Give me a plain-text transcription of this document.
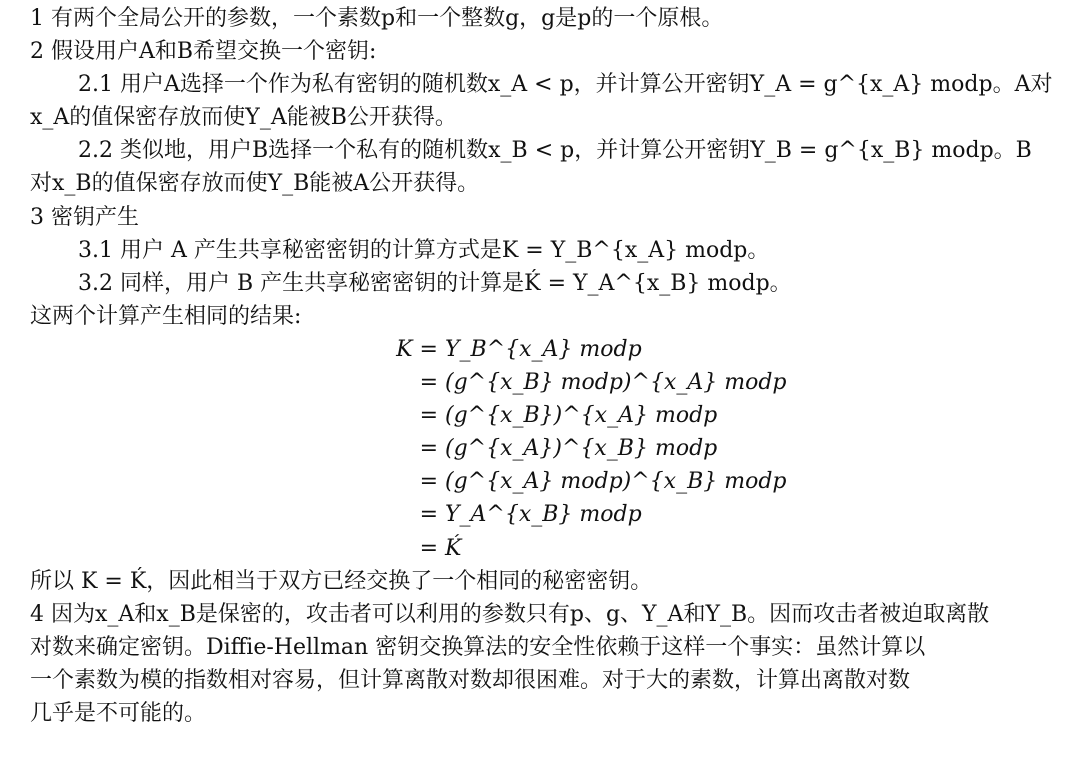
1 有两个全局公开的参数，一个素数p和一个整数g，g是p的一个原根。
2 假设用户A和B希望交换一个密钥:
2.1 用户A选择一个作为私有密钥的随机数x_A < p，并计算公开密钥Y_A = g^{x_A} modp。A对
x_A的值保密存放而使Y_A能被B公开获得。
2.2 类似地，用户B选择一个私有的随机数x_B < p，并计算公开密钥Y_B = g^{x_B} modp。B
对x_B的值保密存放而使Y_B能被A公开获得。
3 密钥产生
3.1 用户 A 产生共享秘密密钥的计算方式是K = Y_B^{x_A} modp。
3.2 同样，用户 B 产生共享秘密密钥的计算是Ḱ = Y_A^{x_B} modp。
这两个计算产生相同的结果:
K = Y_B^{x_A} modp
= (g^{x_B} modp)^{x_A} modp
= (g^{x_B})^{x_A} modp
= (g^{x_A})^{x_B} modp
= (g^{x_A} modp)^{x_B} modp
= Y_A^{x_B} modp
= Ḱ
所以 K = Ḱ，因此相当于双方已经交换了一个相同的秘密密钥。
4 因为x_A和x_B是保密的，攻击者可以利用的参数只有p、g、Y_A和Y_B。因而攻击者被迫取离散
对数来确定密钥。Diffie-Hellman 密钥交换算法的安全性依赖于这样一个事实：虽然计算以
一个素数为模的指数相对容易，但计算离散对数却很困难。对于大的素数，计算出离散对数
几乎是不可能的。
